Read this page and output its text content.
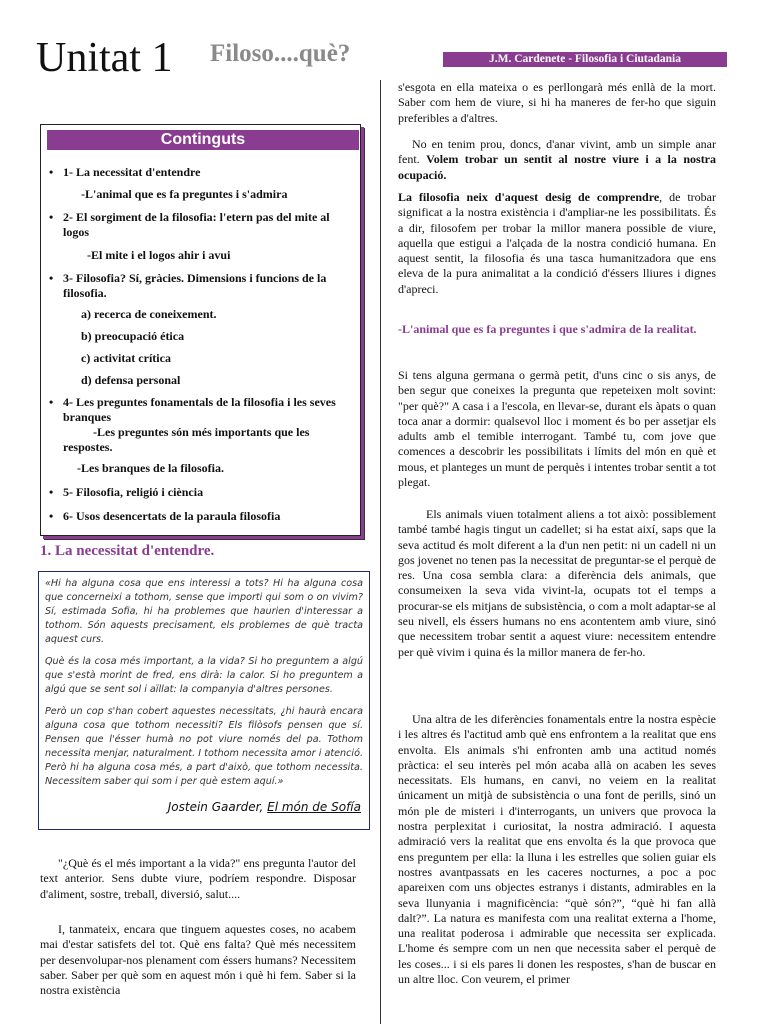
Unitat 1 Filoso....què?	J.M. Cardenete - Filosofia i Ciutadania
Continguts
• 1- La necessitat d'entendre
-L'animal que es fa preguntes i s'admira
• 2- El sorgiment de la filosofia: l'etern pas del mite al logos
-El mite i el logos ahir i avui
• 3- Filosofia? Sí, gràcies. Dimensions i funcions de la filosofia.
a) recerca de coneixement.
b) preocupació ética
c) activitat crítica
d) defensa personal
• 4- Les preguntes fonamentals de la filosofia i les seves branques
-Les preguntes són més importants que les respostes.
-Les branques de la filosofia.
• 5- Filosofia, religió i ciència
• 6- Usos desencertats de la paraula filosofia
1. La necessitat d'entendre.
«Hi ha alguna cosa que ens interessi a tots? Hi ha alguna cosa que concerneixi a tothom, sense que importi qui som o on vivim? Sí, estimada Sofia, hi ha problemes que haurien d'interessar a tothom. Són aquests precisament, els problemes de què tracta aquest curs.
Què és la cosa més important, a la vida? Si ho preguntem a algú que s'està morint de fred, ens dirà: la calor. Si ho preguntem a algú que se sent sol i aïllat: la companyia d'altres persones.
Però un cop s'han cobert aquestes necessitats, ¿hi haurà encara alguna cosa que tothom necessiti? Els filòsofs pensen que sí. Pensen que l'ésser humà no pot viure només del pa. Tothom necessita menjar, naturalment. I tothom necessita amor i atenció. Però hi ha alguna cosa més, a part d'això, que tothom necessita. Necessitem saber qui som i per què estem aquí.»
Jostein Gaarder, El món de Sofía
"¿Què és el més important a la vida?" ens pregunta l'autor del text anterior. Sens dubte viure, podríem respondre. Disposar d'aliment, sostre, treball, diversió, salut....
I, tanmateix, encara que tinguem aquestes coses, no acabem mai d'estar satisfets del tot. Què ens falta? Què més necessitem per desenvolupar-nos plenament com éssers humans? Necessitem saber. Saber per què som en aquest món i què hi fem. Saber si la nostra existència
s'esgota en ella mateixa o es perllongarà més enllà de la mort. Saber com hem de viure, si hi ha maneres de fer-ho que siguin preferibles a d'altres.
No en tenim prou, doncs, d'anar vivint, amb un simple anar fent. Volem trobar un sentit al nostre viure i a la nostra ocupació.
La filosofia neix d'aquest desig de comprendre, de trobar significat a la nostra existència i d'ampliar-ne les possibilitats. És a dir, filosofem per trobar la millor manera possible de viure, aquella que estigui a l'alçada de la nostra condició humana. En aquest sentit, la filosofia és una tasca humanitzadora que ens eleva de la pura animalitat a la condició d'éssers lliures i dignes d'apreci.
-L'animal que es fa preguntes i que s'admira de la realitat.
Si tens alguna germana o germà petit, d'uns cinc o sis anys, de ben segur que coneixes la pregunta que repeteixen molt sovint: "per què?" A casa i a l'escola, en llevar-se, durant els àpats o quan toca anar a dormir: qualsevol lloc i moment és bo per assetjar els adults amb el temible interrogant. També tu, com jove que comences a descobrir les possibilitats i límits del món en què et mous, et planteges un munt de perquès i intentes trobar sentit a tot plegat.
Els animals viuen totalment aliens a tot això: possiblement també també hagis tingut un cadellet; si ha estat així, saps que la seva actitud és molt diferent a la d'un nen petit: ni un cadell ni un gos jovenet no tenen pas la necessitat de preguntar-se el perquè de res. Una cosa sembla clara: a diferència dels animals, que consumeixen la seva vida vivint-la, ocupats tot el temps a procurar-se els mitjans de subsistència, o com a molt adaptar-se al seu nivell, els éssers humans no ens acontentem amb viure, sinó que necessitem trobar sentit a aquest viure: necessitem entendre per què vivim i quina és la millor manera de fer-ho.
Una altra de les diferències fonamentals entre la nostra espècie i les altres és l'actitud amb què ens enfrontem a la realitat que ens envolta. Els animals s'hi enfronten amb una actitud només pràctica: el seu interès pel món acaba allà on acaben les seves necessitats. Els humans, en canvi, no veiem en la realitat únicament un mitjà de subsistència o una font de perills, sinó un món ple de misteri i d'interrogants, un univers que provoca la nostra perplexitat i curiositat, la nostra admiració. I aquesta admiració vers la realitat que ens envolta és la que provoca que ens preguntem per ella: la lluna i les estrelles que solien guiar els nostres avantpassats en les caceres nocturnes, a poc a poc apareixen com uns objectes estranys i distants, admirables en la seva llunyania i magnificència: “què són?”, “què hi fan allà dalt?”. La natura es manifesta com una realitat externa a l'home, una realitat poderosa i admirable que necessita ser explicada. L'home és sempre com un nen que necessita saber el perquè de les coses... i si els pares li donen les respostes, s'han de buscar en un altre lloc. Con veurem, el primer
